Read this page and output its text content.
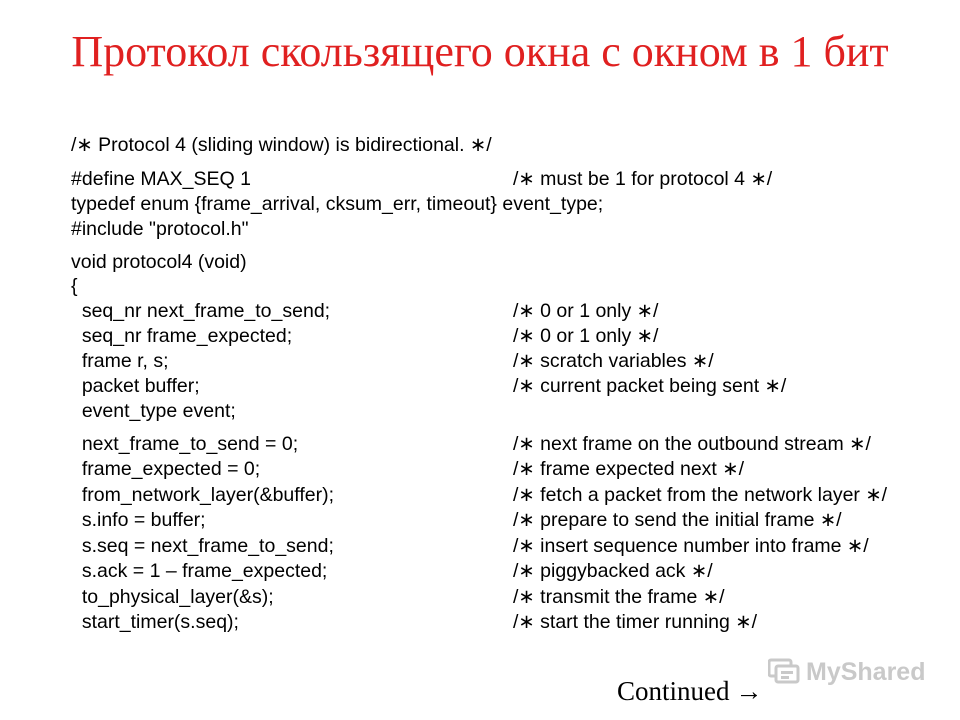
Протокол скользящего окна с окном в 1 бит
/∗ Protocol 4 (sliding window) is bidirectional. ∗/
#define MAX_SEQ 1	/∗ must be 1 for protocol 4 ∗/
typedef enum {frame_arrival, cksum_err, timeout} event_type;
#include "protocol.h"
void protocol4 (void)
{
seq_nr next_frame_to_send;	/∗ 0 or 1 only ∗/
seq_nr frame_expected;	/∗ 0 or 1 only ∗/
frame r, s;	/∗ scratch variables ∗/
packet buffer;	/∗ current packet being sent ∗/
event_type event;
next_frame_to_send = 0;	/∗ next frame on the outbound stream ∗/
frame_expected = 0;	/∗ frame expected next ∗/
from_network_layer(&buffer);	/∗ fetch a packet from the network layer ∗/
s.info = buffer;	/∗ prepare to send the initial frame ∗/
s.seq = next_frame_to_send;	/∗ insert sequence number into frame ∗/
s.ack = 1 – frame_expected;	/∗ piggybacked ack ∗/
to_physical_layer(&s);	/∗ transmit the frame ∗/
start_timer(s.seq);	/∗ start the timer running ∗/
Continued →
MyShared
